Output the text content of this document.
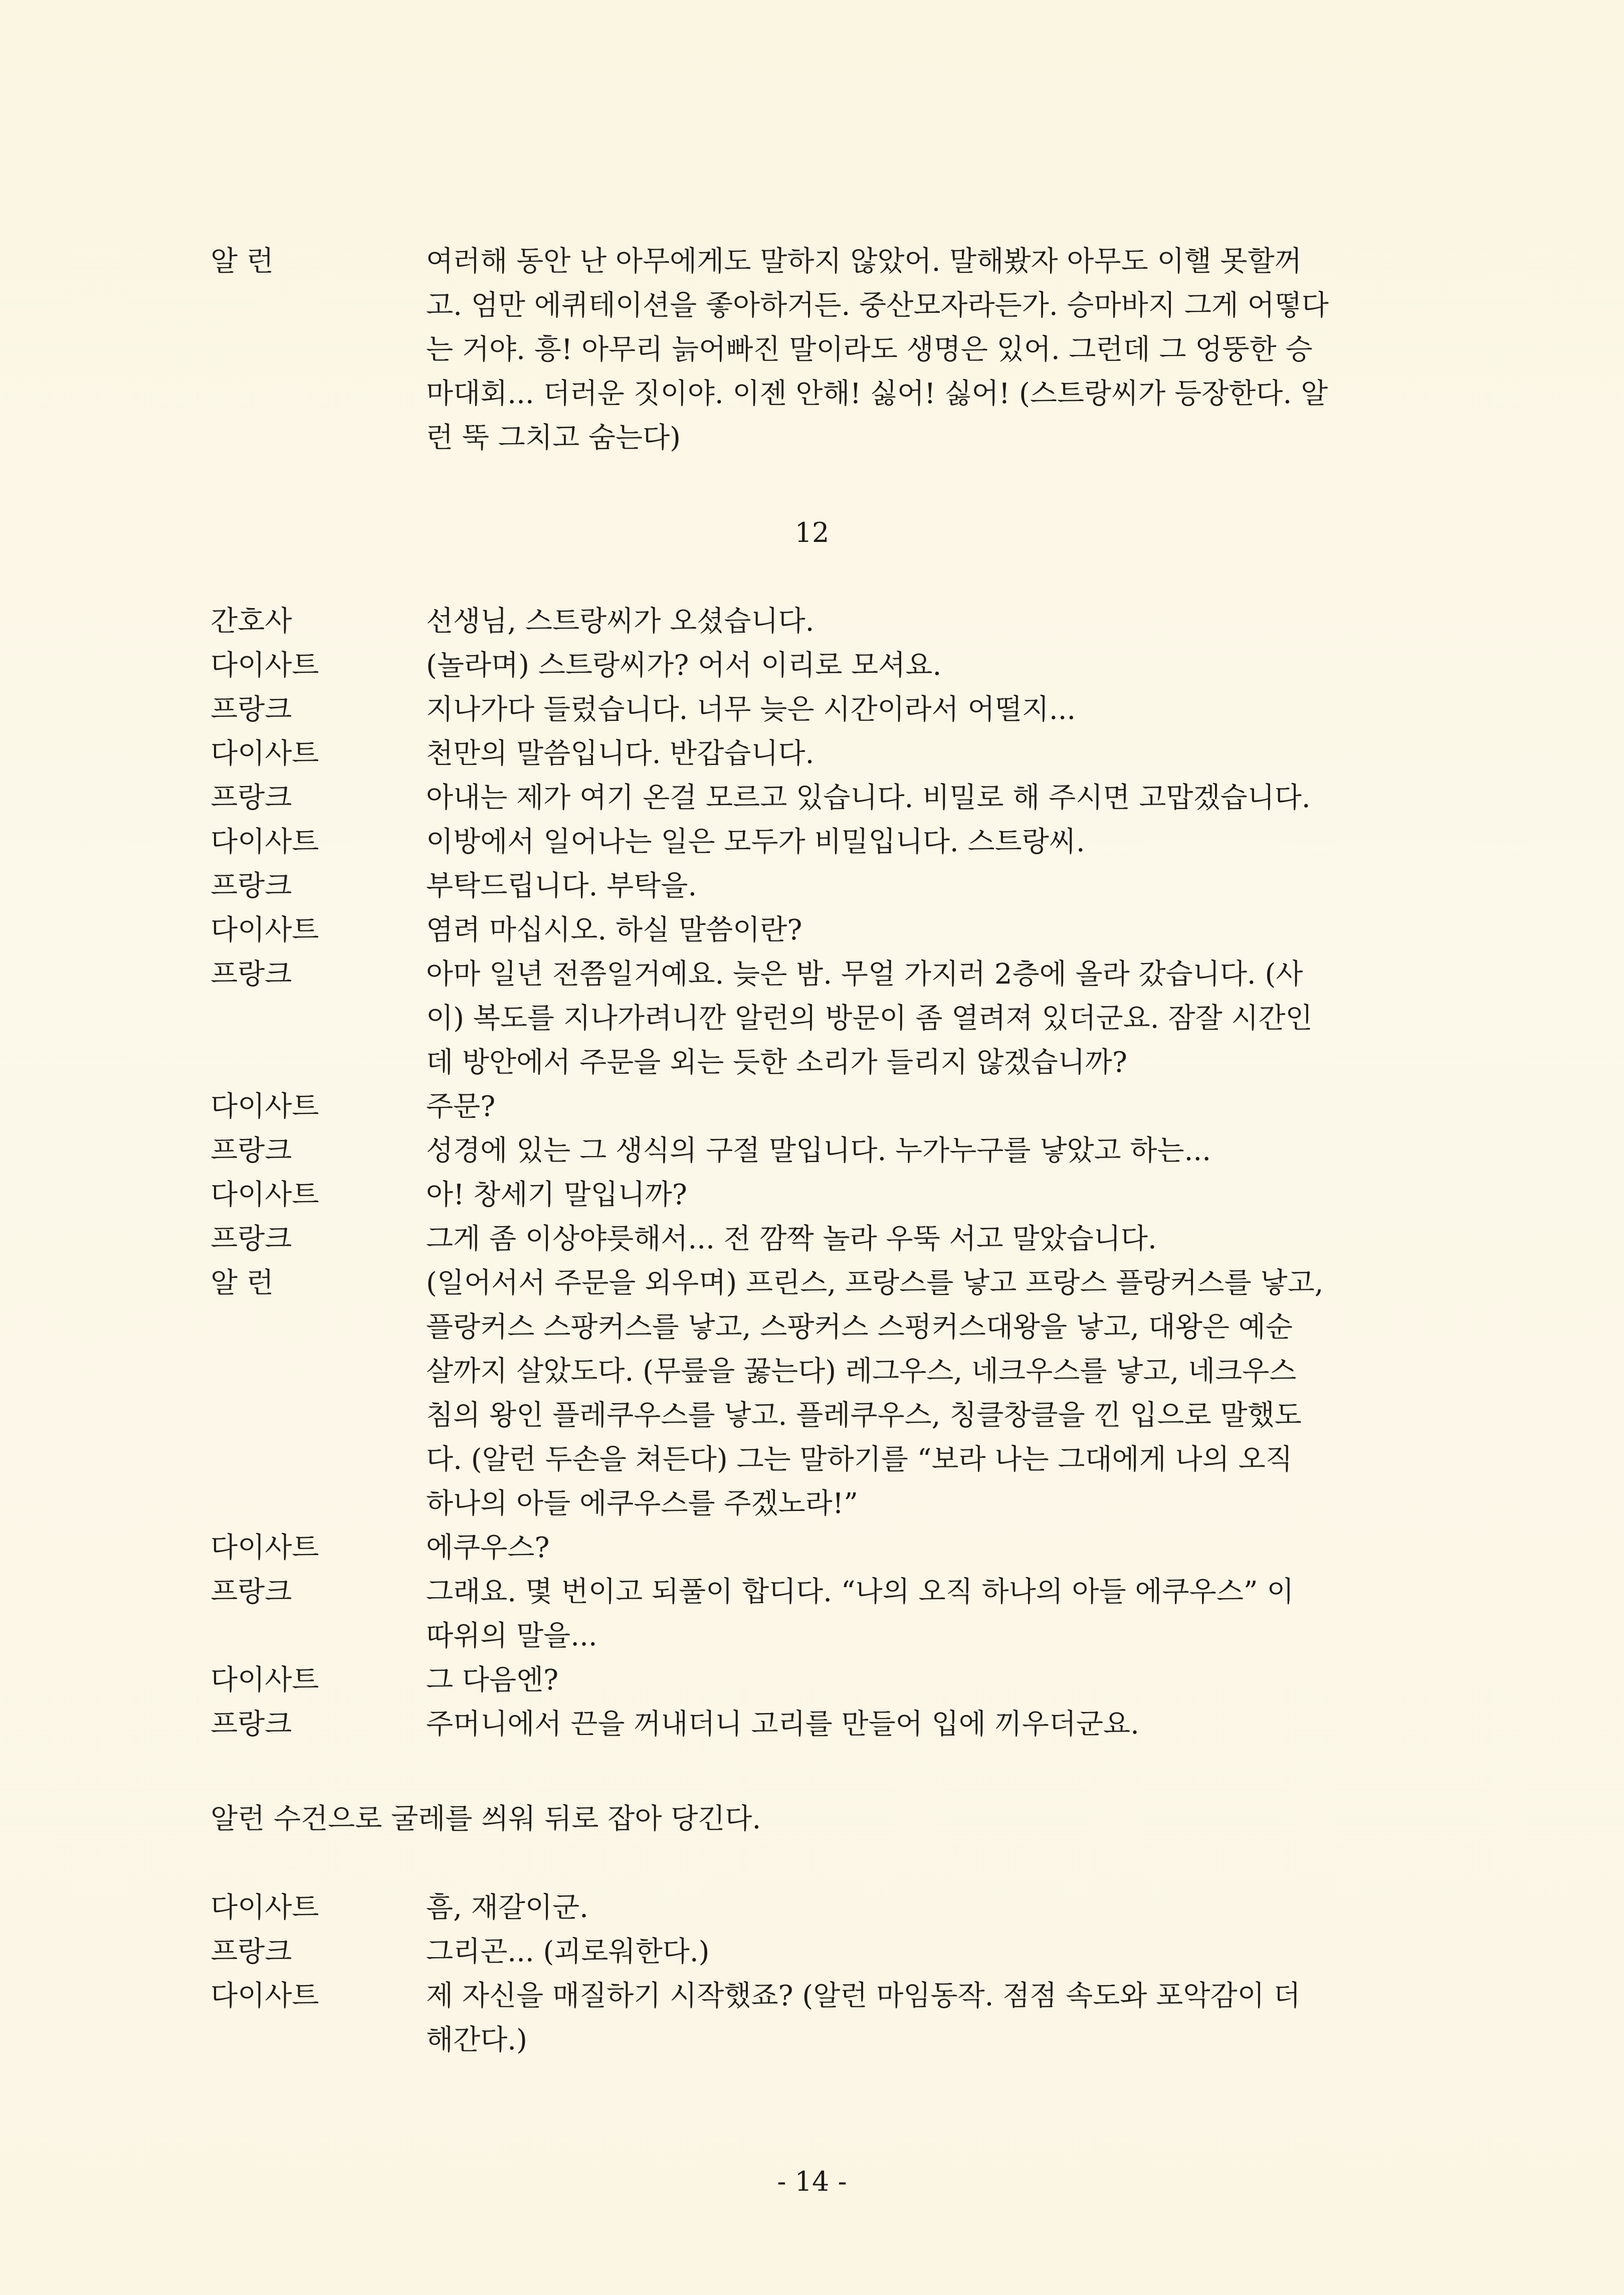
알 런	여러해 동안 난 아무에게도 말하지 않았어. 말해봤자 아무도 이핼 못할꺼
고. 엄만 에퀴테이션을 좋아하거든. 중산모자라든가. 승마바지 그게 어떻다
는 거야. 흥! 아무리 늙어빠진 말이라도 생명은 있어. 그런데 그 엉뚱한 승
마대회... 더러운 짓이야. 이젠 안해! 싫어! 싫어! (스트랑씨가 등장한다. 알
런 뚝 그치고 숨는다)
12
간호사	선생님, 스트랑씨가 오셨습니다.
다이사트	(놀라며) 스트랑씨가? 어서 이리로 모셔요.
프랑크	지나가다 들렀습니다. 너무 늦은 시간이라서 어떨지...
다이사트	천만의 말씀입니다. 반갑습니다.
프랑크	아내는 제가 여기 온걸 모르고 있습니다. 비밀로 해 주시면 고맙겠습니다.
다이사트	이방에서 일어나는 일은 모두가 비밀입니다. 스트랑씨.
프랑크	부탁드립니다. 부탁을.
다이사트	염려 마십시오. 하실 말씀이란?
프랑크	아마 일년 전쯤일거예요. 늦은 밤. 무얼 가지러 2층에 올라 갔습니다. (사
이) 복도를 지나가려니깐 알런의 방문이 좀 열려져 있더군요. 잠잘 시간인
데 방안에서 주문을 외는 듯한 소리가 들리지 않겠습니까?
다이사트	주문?
프랑크	성경에 있는 그 생식의 구절 말입니다. 누가누구를 낳았고 하는...
다이사트	아! 창세기 말입니까?
프랑크	그게 좀 이상야릇해서... 전 깜짝 놀라 우뚝 서고 말았습니다.
알 런	(일어서서 주문을 외우며) 프린스, 프랑스를 낳고 프랑스 플랑커스를 낳고,
플랑커스 스팡커스를 낳고, 스팡커스 스펑커스대왕을 낳고, 대왕은 예순
살까지 살았도다. (무릎을 꿇는다) 레그우스, 네크우스를 낳고, 네크우스
침의 왕인 플레쿠우스를 낳고. 플레쿠우스, 칭클창클을 낀 입으로 말했도
다. (알런 두손을 쳐든다) 그는 말하기를 “보라 나는 그대에게 나의 오직
하나의 아들 에쿠우스를 주겠노라!”
다이사트	에쿠우스?
프랑크	그래요. 몇 번이고 되풀이 합디다. “나의 오직 하나의 아들 에쿠우스” 이
따위의 말을...
다이사트	그 다음엔?
프랑크	주머니에서 끈을 꺼내더니 고리를 만들어 입에 끼우더군요.
알런 수건으로 굴레를 씌워 뒤로 잡아 당긴다.
다이사트	흠, 재갈이군.
프랑크	그리곤... (괴로워한다.)
다이사트	제 자신을 매질하기 시작했죠? (알런 마임동작. 점점 속도와 포악감이 더
해간다.)
- 14 -
